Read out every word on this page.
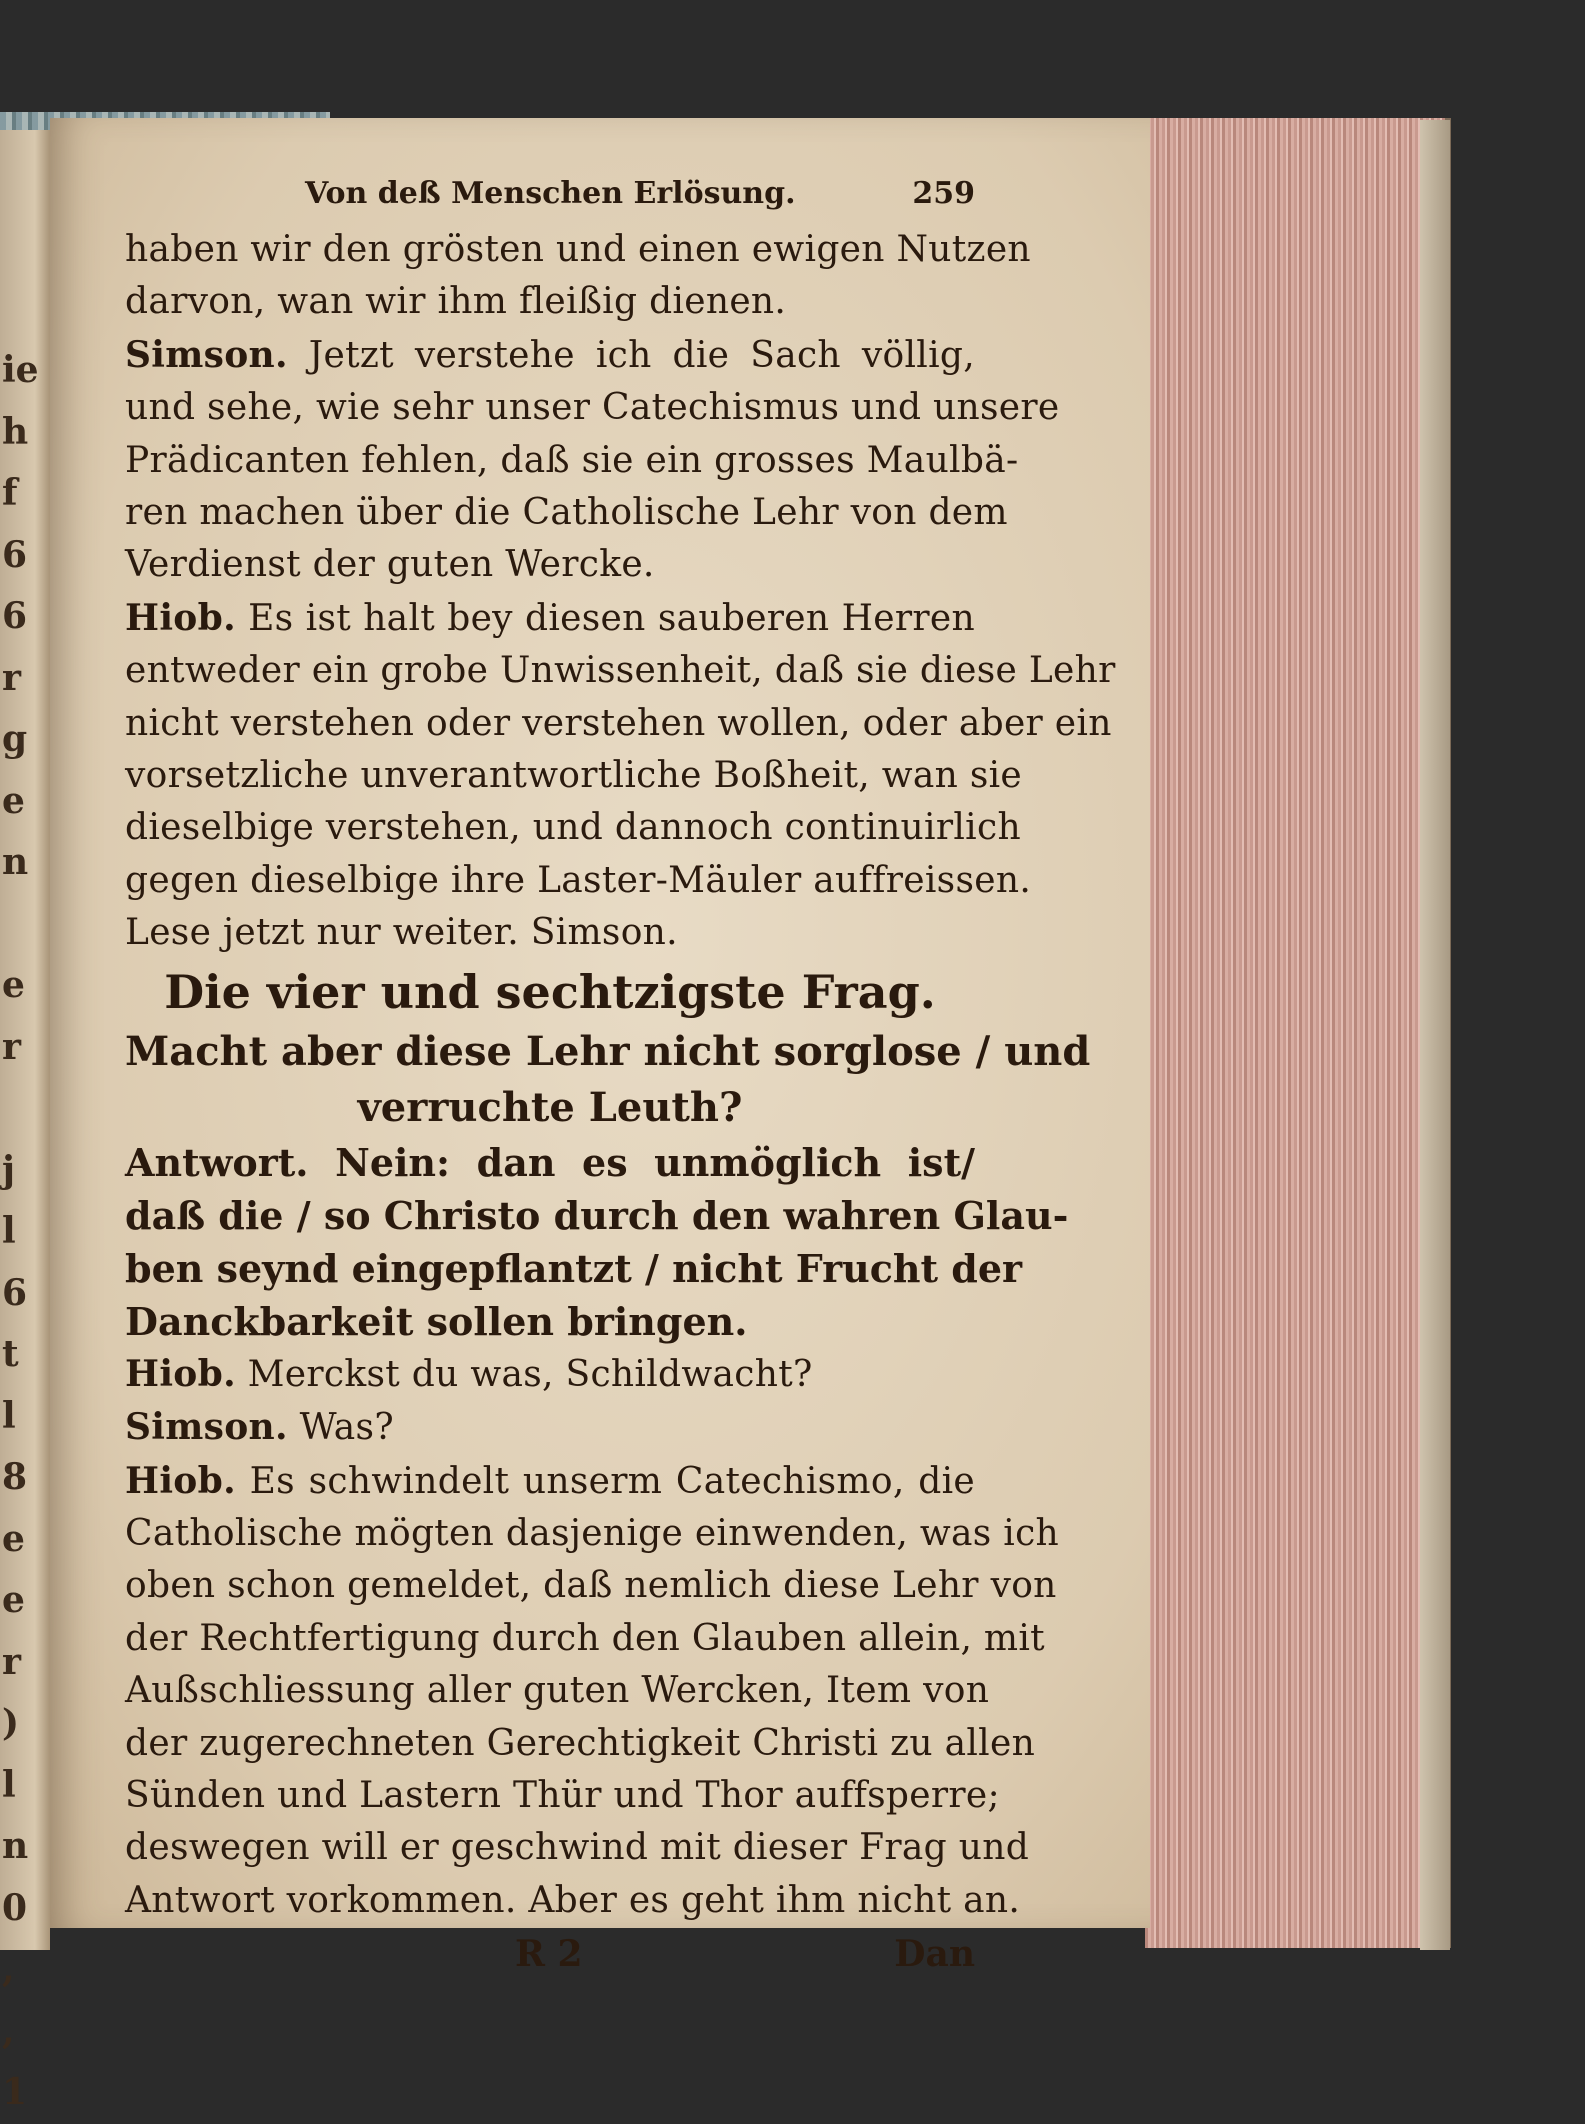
ie
h
f
6
6
r
g
e
n

e
r

j
l
6
t
l
8
e
e
r
)
l
n
0
,
,
1
Von deß Menschen Erlösung.	259
haben wir den grösten und einen ewigen Nutzen
darvon, wan wir ihm fleißig dienen.
Simson. Jetzt verstehe ich die Sach völlig,
und sehe, wie sehr unser Catechismus und unsere
Prädicanten fehlen, daß sie ein grosses Maulbä-
ren machen über die Catholische Lehr von dem
Verdienst der guten Wercke.
Hiob. Es ist halt bey diesen sauberen Herren
entweder ein grobe Unwissenheit, daß sie diese Lehr
nicht verstehen oder verstehen wollen, oder aber ein
vorsetzliche unverantwortliche Boßheit, wan sie
dieselbige verstehen, und dannoch continuirlich
gegen dieselbige ihre Laster-Mäuler auffreissen.
Lese jetzt nur weiter. Simson.
Die vier und sechtzigste Frag.
Macht aber diese Lehr nicht sorglose / und
verruchte Leuth?
Antwort. Nein: dan es unmöglich ist/
daß die / so Christo durch den wahren Glau-
ben seynd eingepflantzt / nicht Frucht der
Danckbarkeit sollen bringen.
Hiob. Merckst du was, Schildwacht?
Simson. Was?
Hiob. Es schwindelt unserm Catechismo, die
Catholische mögten dasjenige einwenden, was ich
oben schon gemeldet, daß nemlich diese Lehr von
der Rechtfertigung durch den Glauben allein, mit
Außschliessung aller guten Wercken, Item von
der zugerechneten Gerechtigkeit Christi zu allen
Sünden und Lastern Thür und Thor auffsperre;
deswegen will er geschwind mit dieser Frag und
Antwort vorkommen. Aber es geht ihm nicht an.
R 2	Dan
